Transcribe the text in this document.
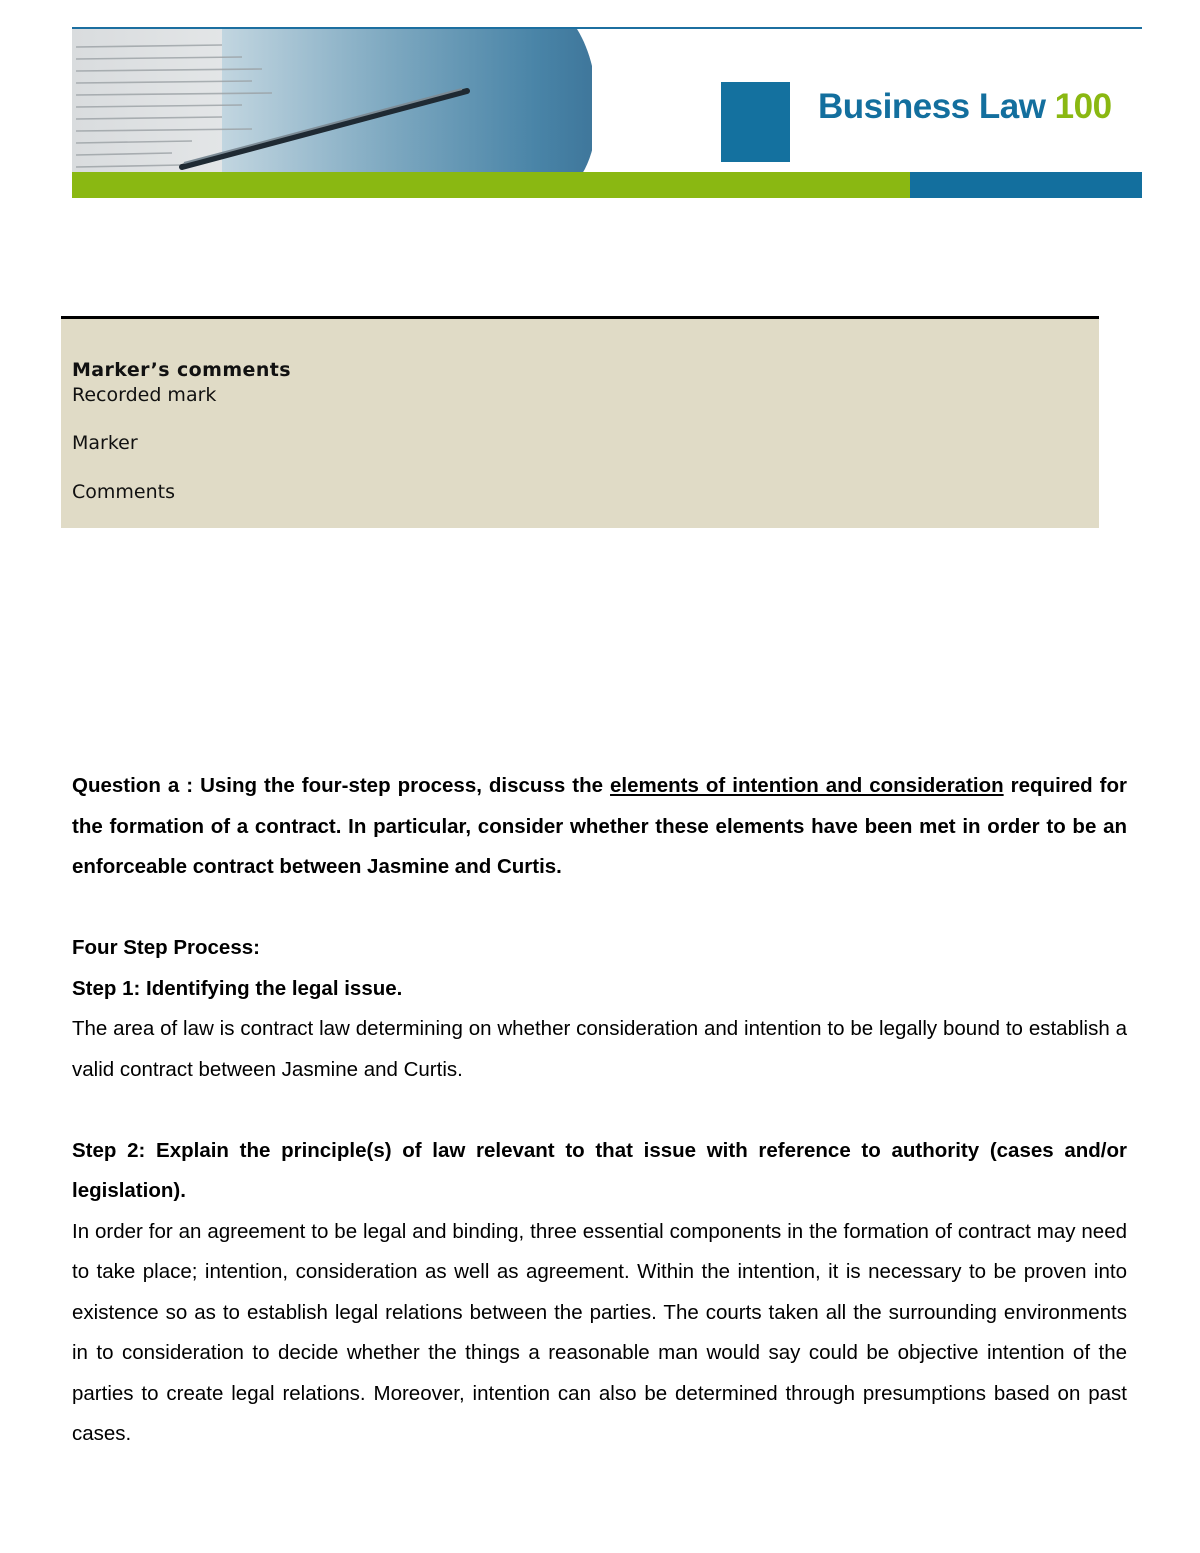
Business Law 100
Marker’s comments
Recorded mark
Marker
Comments

Question a : Using the four-step process, discuss the elements of intention and consideration required for the formation of a contract. In particular, consider whether these elements have been met in order to be an enforceable contract between Jasmine and Curtis.

Four Step Process:

Step 1: Identifying the legal issue.

The area of law is contract law determining on whether consideration and intention to be legally bound to establish a valid contract between Jasmine and Curtis.

Step 2: Explain the principle(s) of law relevant to that issue with reference to authority (cases and/or legislation).

In order for an agreement to be legal and binding, three essential components in the formation of contract may need to take place; intention, consideration as well as agreement. Within the intention, it is necessary to be proven into existence so as to establish legal relations between the parties. The courts taken all the surrounding environments in to consideration to decide whether the things a reasonable man would say could be objective intention of the parties to create legal relations. Moreover, intention can also be determined through presumptions based on past cases.
